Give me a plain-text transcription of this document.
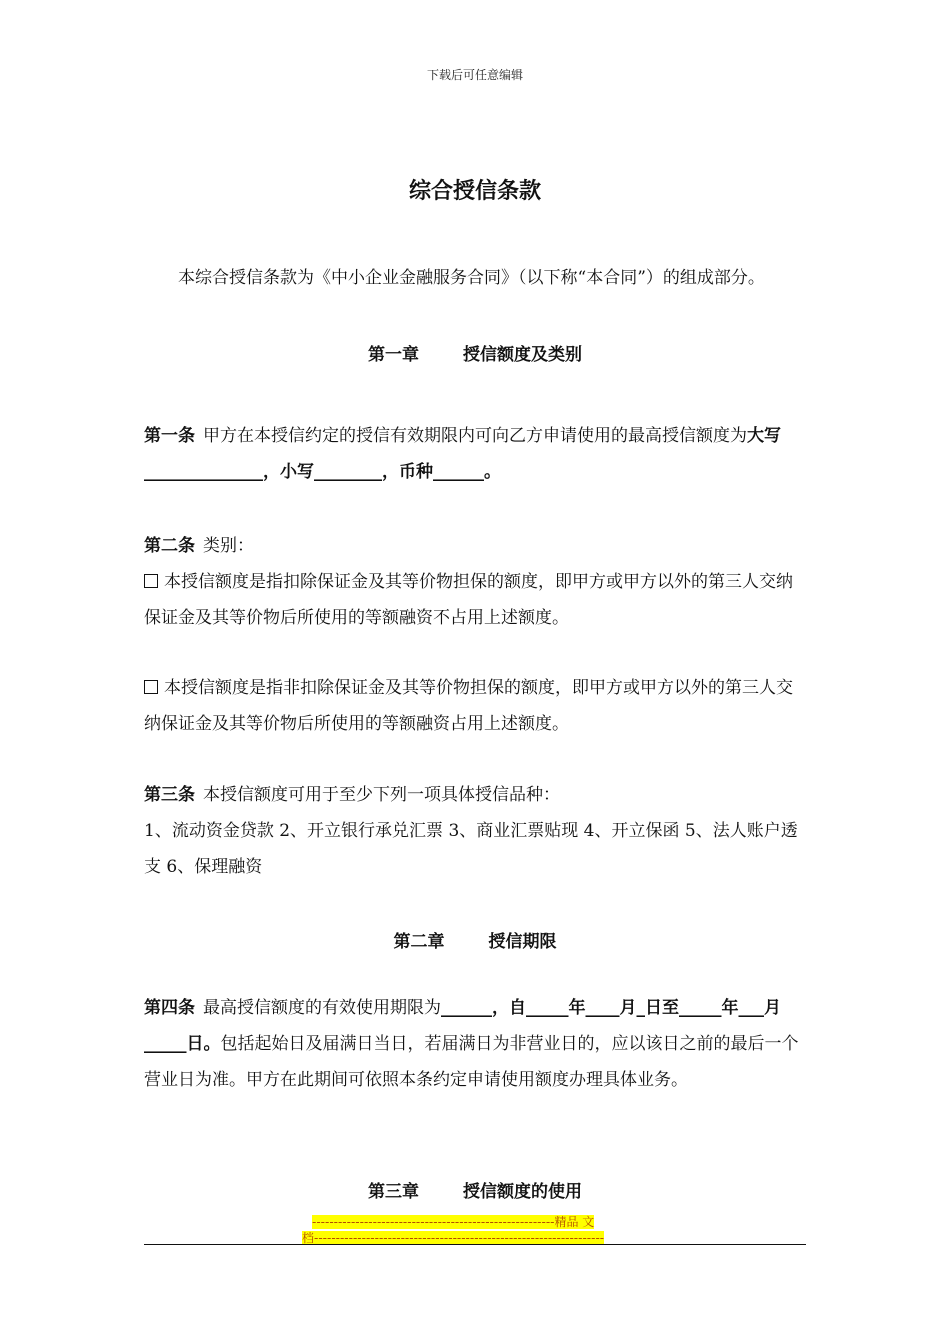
下载后可任意编辑
综合授信条款
本综合授信条款为《中小企业金融服务合同》（以下称“本合同”）的组成部分。
第一章	授信额度及类别
第一条 甲方在本授信约定的授信有效期限内可向乙方申请使用的最高授信额度为大写______________，小写________，币种______。
第二条 类别：
本授信额度是指扣除保证金及其等价物担保的额度，即甲方或甲方以外的第三人交纳保证金及其等价物后所使用的等额融资不占用上述额度。
本授信额度是指非扣除保证金及其等价物担保的额度，即甲方或甲方以外的第三人交纳保证金及其等价物后所使用的等额融资占用上述额度。
第三条 本授信额度可用于至少下列一项具体授信品种：
1、流动资金贷款 2、开立银行承兑汇票 3、商业汇票贴现 4、开立保函 5、法人账户透支 6、保理融资
第二章	授信期限
第四条 最高授信额度的有效使用期限为______，自_____年____月_日至_____年___月_____日。包括起始日及届满日当日，若届满日为非营业日的，应以该日之前的最后一个营业日为准。甲方在此期间可依照本条约定申请使用额度办理具体业务。
第三章	授信额度的使用
--------------------------------------------------------精品 文
档-------------------------------------------------------------------
